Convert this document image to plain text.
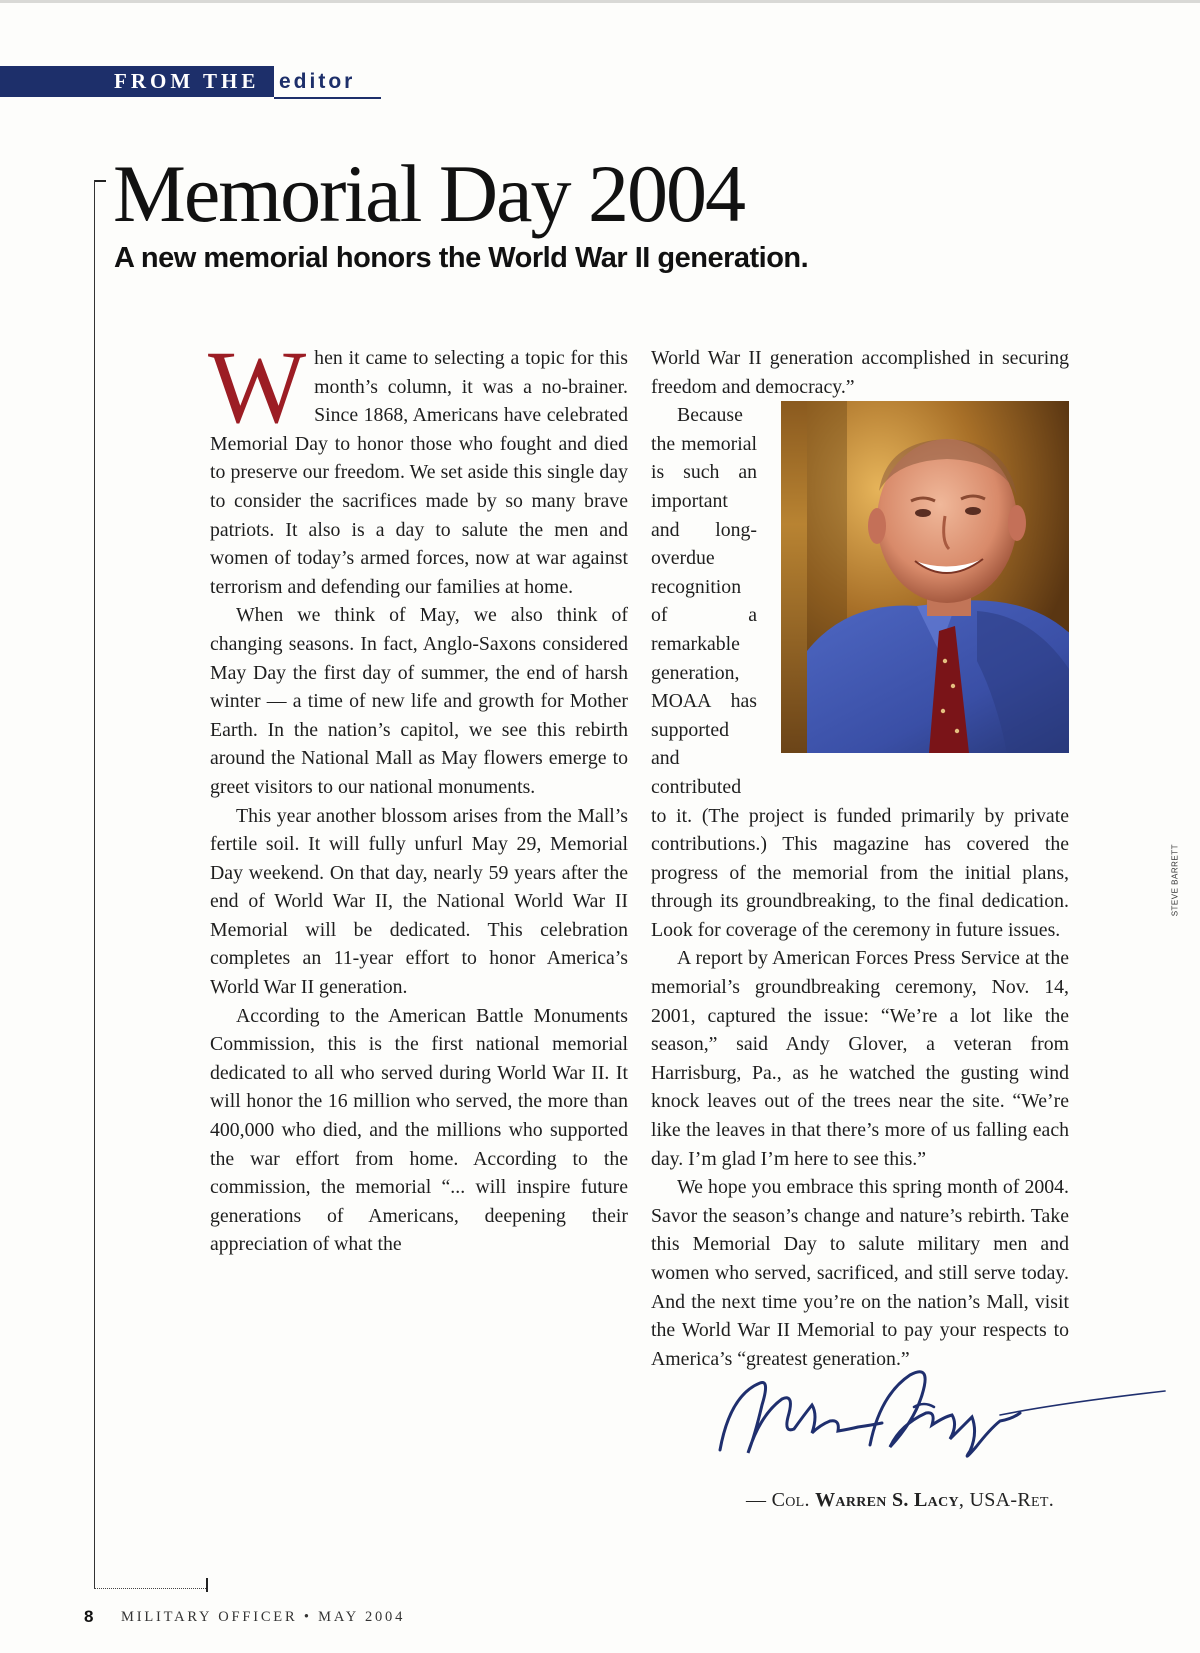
FROM THE editor
Memorial Day 2004
A new memorial honors the World War II generation.

When it came to selecting a topic for this month’s column, it was a no-brainer. Since 1868, Americans have celebrated Memorial Day to honor those who fought and died to preserve our freedom. We set aside this single day to consider the sacrifices made by so many brave patriots. It also is a day to salute the men and women of today’s armed forces, now at war against terrorism and defending our families at home.

When we think of May, we also think of changing seasons. In fact, Anglo-Saxons considered May Day the first day of summer, the end of harsh winter — a time of new life and growth for Mother Earth. In the nation’s capitol, we see this rebirth around the National Mall as May flowers emerge to greet visitors to our national monuments.

This year another blossom arises from the Mall’s fertile soil. It will fully unfurl May 29, Memorial Day weekend. On that day, nearly 59 years after the end of World War II, the National World War II Memorial will be dedicated. This celebration completes an 11-year effort to honor America’s World War II generation.

According to the American Battle Monuments Commission, this is the first national memorial dedicated to all who served during World War II. It will honor the 16 million who served, the more than 400,000 who died, and the millions who supported the war effort from home. According to the commission, the memorial “... will inspire future generations of Americans, deepening their appreciation of what the

World War II generation accomplished in securing freedom and democracy.”

Because the memorial is such an important and long-overdue recognition of a remarkable generation, MOAA has supported and contributed to it. (The project is funded primarily by private contributions.) This magazine has covered the progress of the memorial from the initial plans, through its groundbreaking, to the final dedication. Look for coverage of the ceremony in future issues.

A report by American Forces Press Service at the memorial’s groundbreaking ceremony, Nov. 14, 2001, captured the issue: “We’re a lot like the season,” said Andy Glover, a veteran from Harrisburg, Pa., as he watched the gusting wind knock leaves out of the trees near the site. “We’re like the leaves in that there’s more of us falling each day. I’m glad I’m here to see this.”

We hope you embrace this spring month of 2004. Savor the season’s change and nature’s rebirth. Take this Memorial Day to salute military men and women who served, sacrificed, and still serve today. And the next time you’re on the nation’s Mall, visit the World War II Memorial to pay your respects to America’s “greatest generation.”

STEVE BARRETT
— Col. Warren S. Lacy, USA-Ret.
8 MILITARY OFFICER • MAY 2004
